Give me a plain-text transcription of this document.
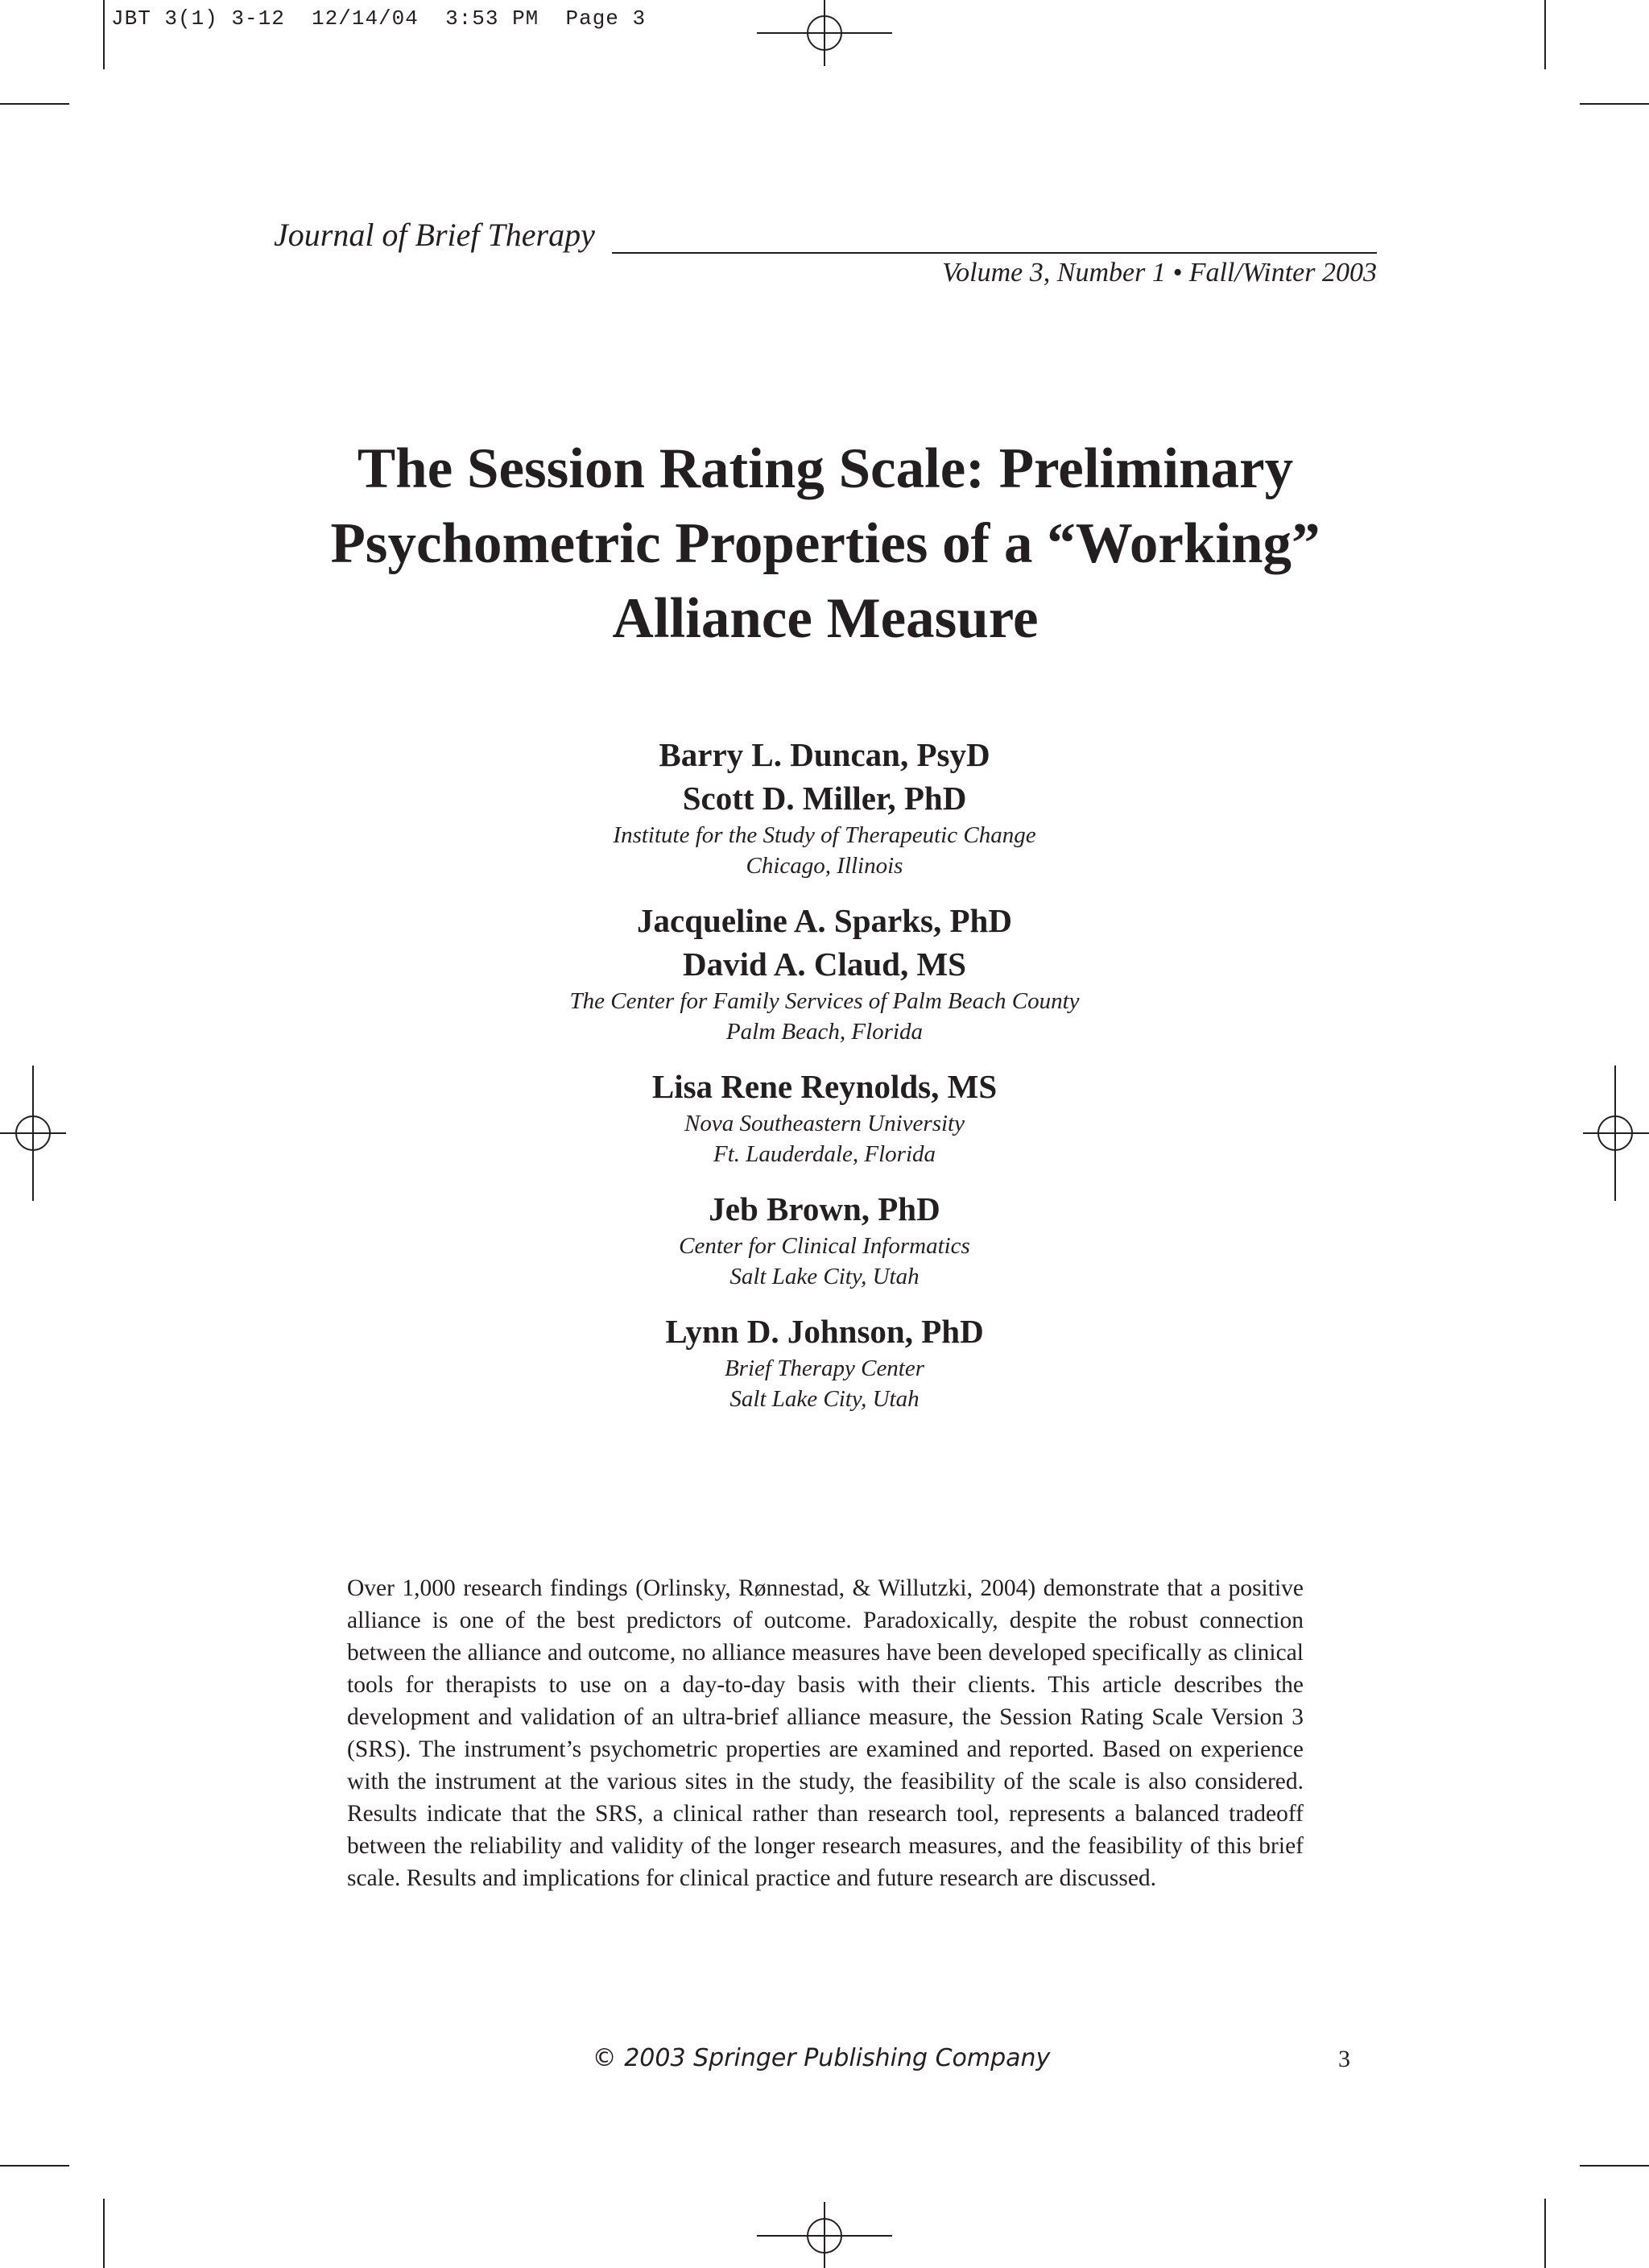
JBT 3(1) 3-12  12/14/04  3:53 PM  Page 3
Journal of Brief Therapy
Volume 3, Number 1 • Fall/Winter 2003
The Session Rating Scale: Preliminary
Psychometric Properties of a “Working”
Alliance Measure
Barry L. Duncan, PsyD
Scott D. Miller, PhD
Institute for the Study of Therapeutic Change
Chicago, Illinois
Jacqueline A. Sparks, PhD
David A. Claud, MS
The Center for Family Services of Palm Beach County
Palm Beach, Florida
Lisa Rene Reynolds, MS
Nova Southeastern University
Ft. Lauderdale, Florida
Jeb Brown, PhD
Center for Clinical Informatics
Salt Lake City, Utah
Lynn D. Johnson, PhD
Brief Therapy Center
Salt Lake City, Utah

Over 1,000 research findings (Orlinsky, Rønnestad, & Willutzki, 2004) demonstrate that a positive alliance is one of the best predictors of outcome. Paradoxically, despite the robust connection between the alliance and outcome, no alliance measures have been developed specifically as clinical tools for therapists to use on a day-to-day basis with their clients. This article describes the development and validation of an ultra-brief alliance measure, the Session Rating Scale Version 3 (SRS). The instrument’s psychometric properties are examined and reported. Based on experience with the instrument at the various sites in the study, the feasibility of the scale is also considered. Results indicate that the SRS, a clinical rather than research tool, represents a balanced tradeoff between the reliability and validity of the longer research measures, and the feasibility of this brief scale. Results and implications for clinical practice and future research are discussed.

© 2003 Springer Publishing Company	3
